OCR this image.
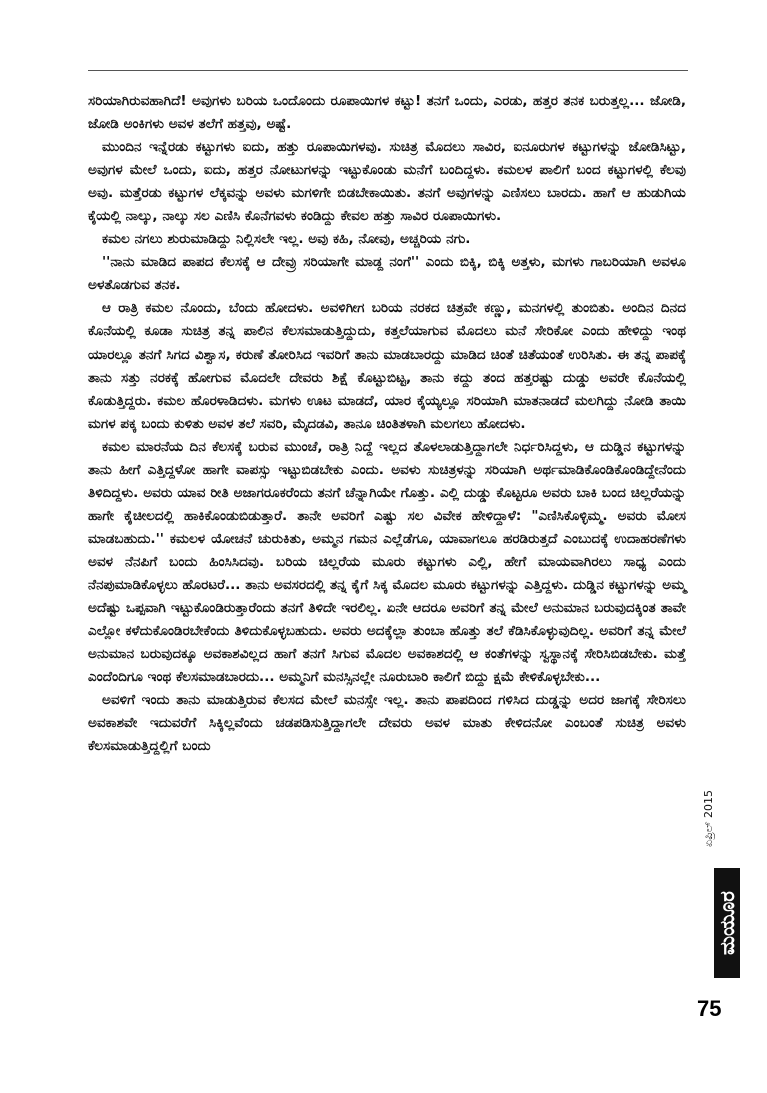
ಸರಿಯಾಗಿರುವಹಾಗಿದೆ! ಅವುಗಳು ಬರಿಯ ಒಂದೊಂದು ರೂಪಾಯಿಗಳ ಕಟ್ಟು! ತನಗೆ ಒಂದು, ಎರಡು, ಹತ್ತರ ತನಕ ಬರುತ್ತಲ್ಲ... ಜೋಡಿ, ಜೋಡಿ ಅಂಕಿಗಳು ಅವಳ ತಲೆಗೆ ಹತ್ತವು, ಅಷ್ಟೆ.

ಮುಂದಿನ ಇನ್ನೆರಡು ಕಟ್ಟುಗಳು ಐದು, ಹತ್ತು ರೂಪಾಯಿಗಳವು. ಸುಚಿತ್ರ ಮೊದಲು ಸಾವಿರ, ಐನೂರುಗಳ ಕಟ್ಟುಗಳನ್ನು ಜೋಡಿಸಿಟ್ಟು, ಅವುಗಳ ಮೇಲೆ ಒಂದು, ಐದು, ಹತ್ತರ ನೋಟುಗಳನ್ನು ಇಟ್ಟುಕೊಂಡು ಮನೆಗೆ ಬಂದಿದ್ದಳು. ಕಮಲಳ ಪಾಲಿಗೆ ಬಂದ ಕಟ್ಟುಗಳಲ್ಲಿ ಕೆಲವು ಅವು. ಮತ್ತೆರಡು ಕಟ್ಟುಗಳ ಲೆಕ್ಕವನ್ನು ಅವಳು ಮಗಳಿಗೇ ಬಿಡಬೇಕಾಯಿತು. ತನಗೆ ಅವುಗಳನ್ನು ಎಣಿಸಲು ಬಾರದು. ಹಾಗೆ ಆ ಹುಡುಗಿಯ ಕೈಯಲ್ಲಿ ನಾಲ್ಕು, ನಾಲ್ಕು ಸಲ ಎಣಿಸಿ ಕೊನೆಗವಳು ಕಂಡಿದ್ದು ಕೇವಲ ಹತ್ತು ಸಾವಿರ ರೂಪಾಯಿಗಳು.

ಕಮಲ ನಗಲು ಶುರುಮಾಡಿದ್ದು ನಿಲ್ಲಿಸಲೇ ಇಲ್ಲ. ಅವು ಕಹಿ, ನೋವು, ಅಚ್ಚರಿಯ ನಗು.

''ನಾನು ಮಾಡಿದ ಪಾಪದ ಕೆಲಸಕ್ಕೆ ಆ ದೇವ್ರು ಸರಿಯಾಗೇ ಮಾಡ್ದ ನಂಗೆ'' ಎಂದು ಬಿಕ್ಕಿ, ಬಿಕ್ಕಿ ಅತ್ತಳು, ಮಗಳು ಗಾಬರಿಯಾಗಿ ಅವಳೂ ಅಳತೊಡಗುವ ತನಕ.

ಆ ರಾತ್ರಿ ಕಮಲ ನೊಂದು, ಬೆಂದು ಹೋದಳು. ಅವಳಿಗೀಗ ಬರಿಯ ನರಕದ ಚಿತ್ರವೇ ಕಣ್ಣು, ಮನಗಳಲ್ಲಿ ತುಂಬಿತು. ಅಂದಿನ ದಿನದ ಕೊನೆಯಲ್ಲಿ ಕೂಡಾ ಸುಚಿತ್ರ ತನ್ನ ಪಾಲಿನ ಕೆಲಸಮಾಡುತ್ತಿದ್ದುದು, ಕತ್ತಲೆಯಾಗುವ ಮೊದಲು ಮನೆ ಸೇರಿಕೋ ಎಂದು ಹೇಳಿದ್ದು ಇಂಥ ಯಾರಲ್ಲೂ ತನಗೆ ಸಿಗದ ವಿಶ್ವಾಸ, ಕರುಣೆ ತೋರಿಸಿದ ಇವರಿಗೆ ತಾನು ಮಾಡಬಾರದ್ದು ಮಾಡಿದ ಚಿಂತೆ ಚಿತೆಯಂತೆ ಉರಿಸಿತು. ಈ ತನ್ನ ಪಾಪಕ್ಕೆ ತಾನು ಸತ್ತು ನರಕಕ್ಕೆ ಹೋಗುವ ಮೊದಲೇ ದೇವರು ಶಿಕ್ಷೆ ಕೊಟ್ಟುಬಿಟ್ಟ, ತಾನು ಕದ್ದು ತಂದ ಹತ್ತರಷ್ಟು ದುಡ್ಡು ಅವರೇ ಕೊನೆಯಲ್ಲಿ ಕೊಡುತ್ತಿದ್ದರು. ಕಮಲ ಹೊರಳಾಡಿದಳು. ಮಗಳು ಊಟ ಮಾಡದೆ, ಯಾರ ಕೈಯ್ಯಲ್ಲೂ ಸರಿಯಾಗಿ ಮಾತನಾಡದೆ ಮಲಗಿದ್ದು ನೋಡಿ ತಾಯಿ ಮಗಳ ಪಕ್ಕ ಬಂದು ಕುಳಿತು ಅವಳ ತಲೆ ಸವರಿ, ಮೈದಡವಿ, ತಾನೂ ಚಿಂತಿತಳಾಗಿ ಮಲಗಲು ಹೋದಳು.

ಕಮಲ ಮಾರನೆಯ ದಿನ ಕೆಲಸಕ್ಕೆ ಬರುವ ಮುಂಚೆ, ರಾತ್ರಿ ನಿದ್ದೆ ಇಲ್ಲದ ತೊಳಲಾಡುತ್ತಿದ್ದಾಗಲೇ ನಿರ್ಧರಿಸಿದ್ದಳು, ಆ ದುಡ್ಡಿನ ಕಟ್ಟುಗಳನ್ನು ತಾನು ಹೀಗೆ ಎತ್ತಿದ್ದಳೋ ಹಾಗೇ ವಾಪಸ್ಸು ಇಟ್ಟುಬಿಡಬೇಕು ಎಂದು. ಅವಳು ಸುಚಿತ್ರಳನ್ನು ಸರಿಯಾಗಿ ಅರ್ಥಮಾಡಿಕೊಂಡಿಕೊಂಡಿದ್ದೇನೆಂದು ತಿಳಿದಿದ್ದಳು. ಅವರು ಯಾವ ರೀತಿ ಅಜಾಗರೂಕರೆಂದು ತನಗೆ ಚೆನ್ನಾಗಿಯೇ ಗೊತ್ತು. ಎಲ್ಲಿ ದುಡ್ಡು ಕೊಟ್ಟರೂ ಅವರು ಬಾಕಿ ಬಂದ ಚಿಲ್ಲರೆಯನ್ನು ಹಾಗೇ ಕೈಚೀಲದಲ್ಲಿ ಹಾಕಿಕೊಂಡುಬಿಡುತ್ತಾರೆ. ತಾನೇ ಅವರಿಗೆ ಎಷ್ಟು ಸಲ ವಿವೇಕ ಹೇಳಿದ್ದಾಳೆ: "ಎಣಿಸಿಕೊಳ್ಳಿಮ್ಮ. ಅವರು ಮೋಸ ಮಾಡಬಹುದು.'' ಕಮಲಳ ಯೋಚನೆ ಚುರುಕಿತು, ಅಮ್ಮನ ಗಮನ ಎಲ್ಲೆಡೆಗೂ, ಯಾವಾಗಲೂ ಹರಡಿರುತ್ತದೆ ಎಂಬುದಕ್ಕೆ ಉದಾಹರಣೆಗಳು ಅವಳ ನೆನಪಿಗೆ ಬಂದು ಹಿಂಸಿಸಿದವು. ಬರಿಯ ಚಿಲ್ಲರೆಯ ಮೂರು ಕಟ್ಟುಗಳು ಎಲ್ಲಿ, ಹೇಗೆ ಮಾಯವಾಗಿರಲು ಸಾಧ್ಯ ಎಂದು ನೆನಪುಮಾಡಿಕೊಳ್ಳಲು ಹೊರಟರೆ... ತಾನು ಅವಸರದಲ್ಲಿ ತನ್ನ ಕೈಗೆ ಸಿಕ್ಕ ಮೊದಲ ಮೂರು ಕಟ್ಟುಗಳನ್ನು ಎತ್ತಿದ್ದಳು. ದುಡ್ಡಿನ ಕಟ್ಟುಗಳನ್ನು ಅಮ್ಮ ಅದೆಷ್ಟು ಒಪ್ಪವಾಗಿ ಇಟ್ಟುಕೊಂಡಿರುತ್ತಾರೆಂದು ತನಗೆ ತಿಳಿದೇ ಇರಲಿಲ್ಲ. ಏನೇ ಆದರೂ ಅವರಿಗೆ ತನ್ನ ಮೇಲೆ ಅನುಮಾನ ಬರುವುದಕ್ಕಿಂತ ತಾವೇ ಎಲ್ಲೋ ಕಳೆದುಕೊಂಡಿರಬೇಕೆಂದು ತಿಳಿದುಕೊಳ್ಳಬಹುದು. ಅವರು ಅದಕ್ಕೆಲ್ಲಾ ತುಂಬಾ ಹೊತ್ತು ತಲೆ ಕೆಡಿಸಿಕೊಳ್ಳುವುದಿಲ್ಲ. ಅವರಿಗೆ ತನ್ನ ಮೇಲೆ ಅನುಮಾನ ಬರುವುದಕ್ಕೂ ಅವಕಾಶವಿಲ್ಲದ ಹಾಗೆ ತನಗೆ ಸಿಗುವ ಮೊದಲ ಅವಕಾಶದಲ್ಲಿ ಆ ಕಂತೆಗಳನ್ನು ಸ್ವಸ್ಥಾನಕ್ಕೆ ಸೇರಿಸಿಬಿಡಬೇಕು. ಮತ್ತೆ ಎಂದೆಂದಿಗೂ ಇಂಥ ಕೆಲಸಮಾಡಬಾರದು... ಅಮ್ಮನಿಗೆ ಮನಸ್ಸಿನಲ್ಲೇ ನೂರುಬಾರಿ ಕಾಲಿಗೆ ಬಿದ್ದು ಕ್ಷಮೆ ಕೇಳಿಕೊಳ್ಳಬೇಕು...

ಅವಳಿಗೆ ಇಂದು ತಾನು ಮಾಡುತ್ತಿರುವ ಕೆಲಸದ ಮೇಲೆ ಮನಸ್ಸೇ ಇಲ್ಲ. ತಾನು ಪಾಪದಿಂದ ಗಳಿಸಿದ ದುಡ್ಡನ್ನು ಅದರ ಜಾಗಕ್ಕೆ ಸೇರಿಸಲು ಅವಕಾಶವೇ ಇದುವರೆಗೆ ಸಿಕ್ಕಿಲ್ಲವೆಂದು ಚಡಪಡಿಸುತ್ತಿದ್ದಾಗಲೇ ದೇವರು ಅವಳ ಮಾತು ಕೇಳಿದನೋ ಎಂಬಂತೆ ಸುಚಿತ್ರ ಅವಳು ಕೆಲಸಮಾಡುತ್ತಿದ್ದಲ್ಲಿಗೆ ಬಂದು

ಏಪ್ರಿಲ್ 2015
ಮಯೂರ
75
